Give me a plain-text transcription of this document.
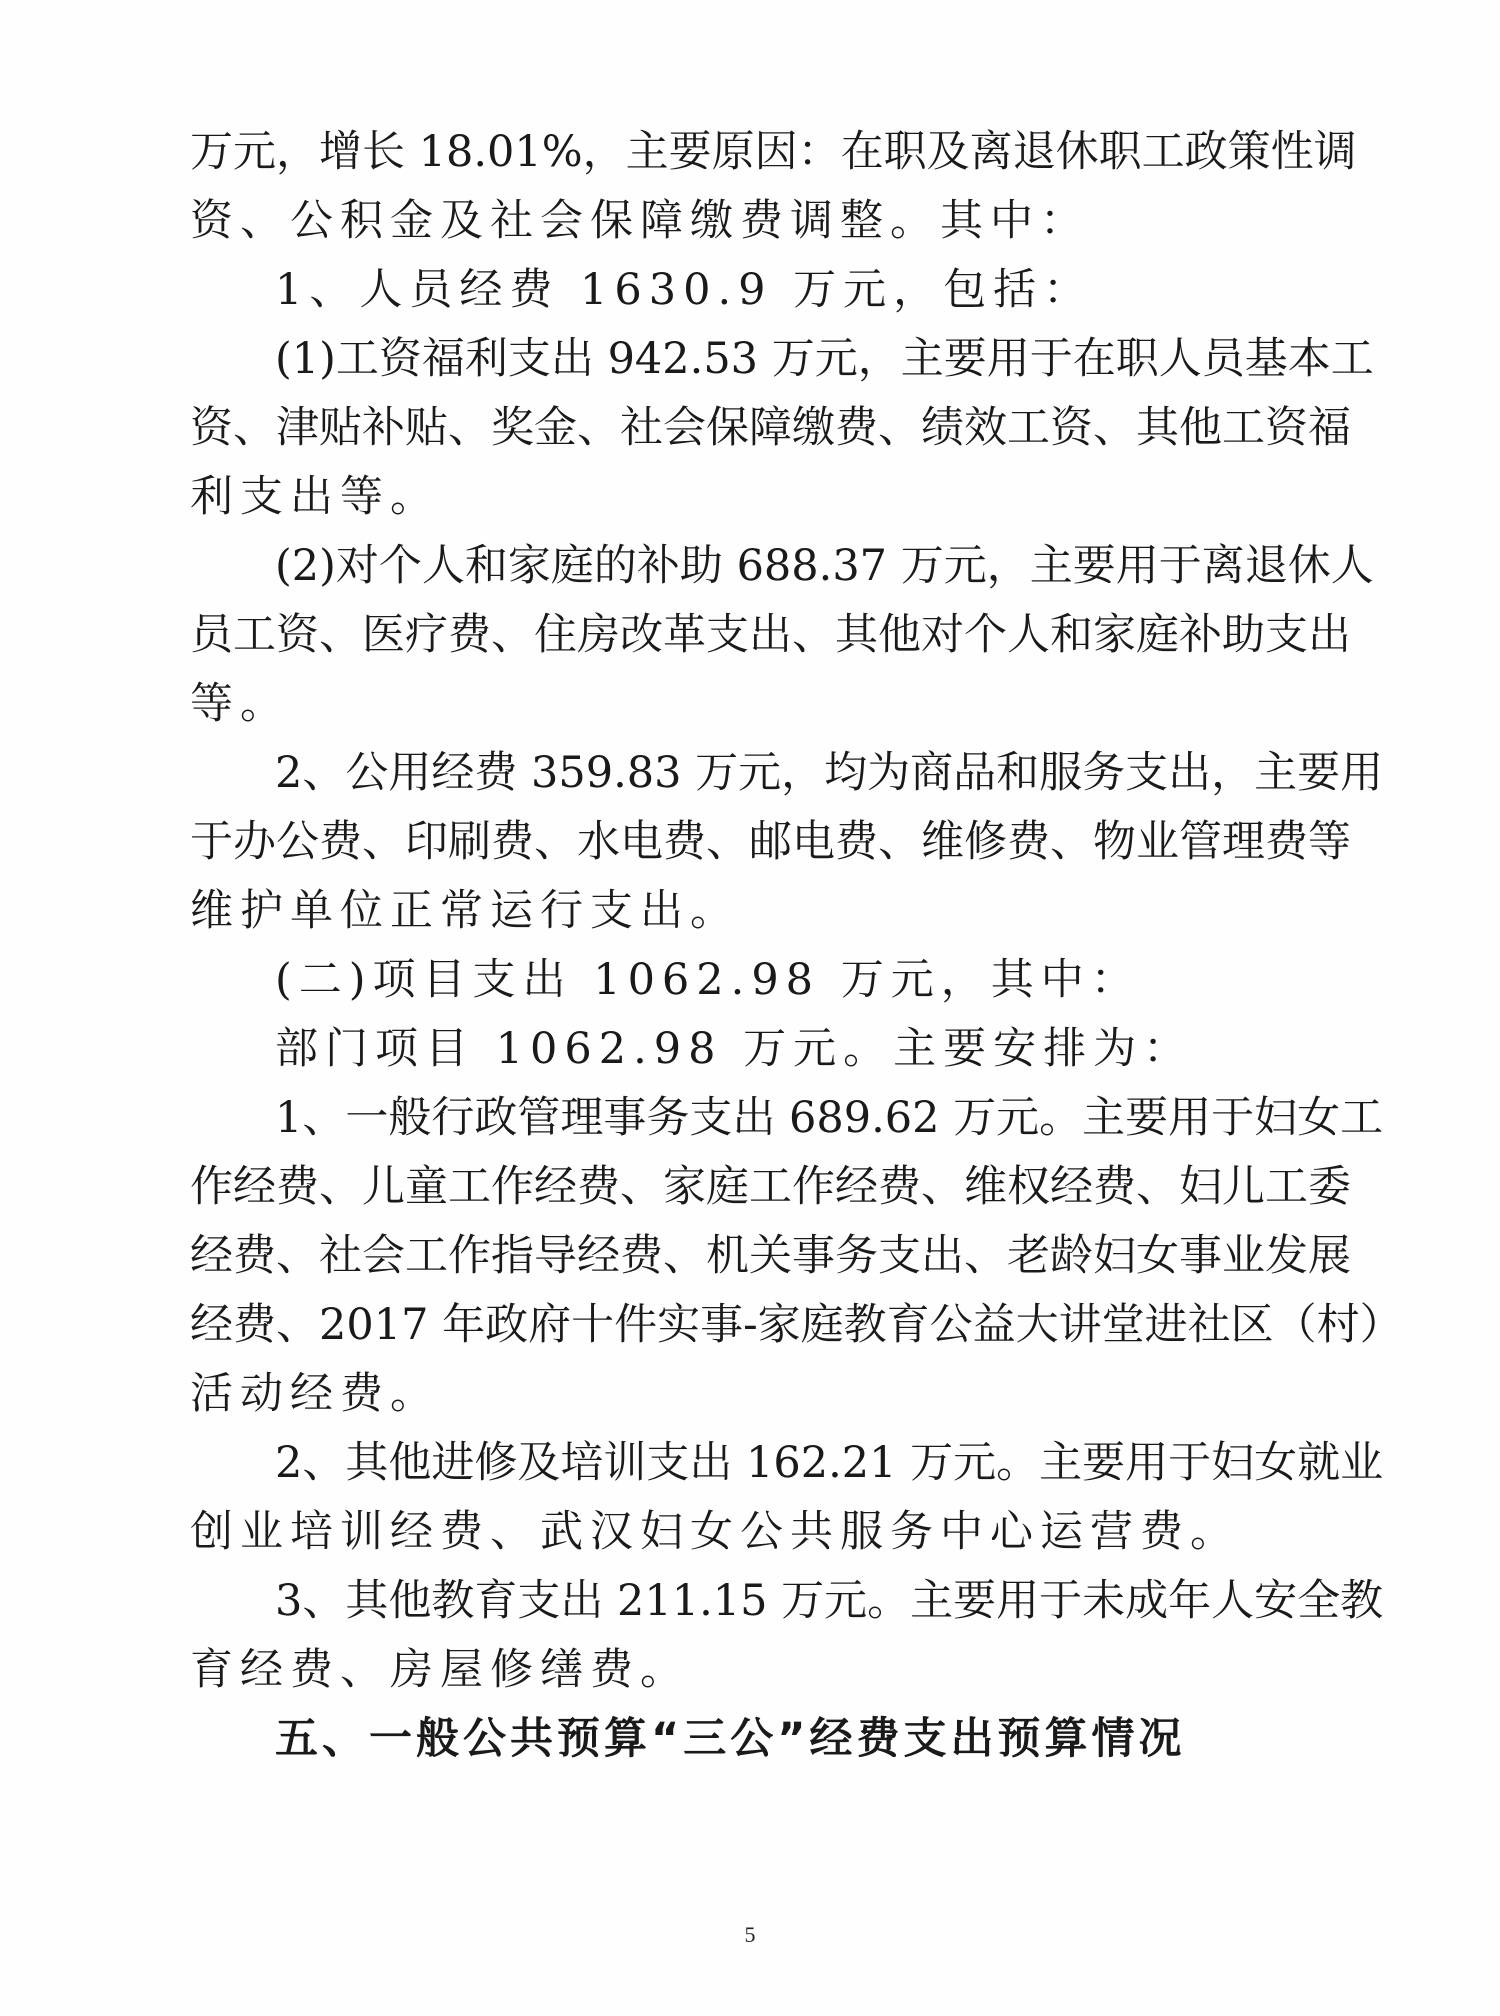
万元，增长 18.01%，主要原因：在职及离退休职工政策性调
资、公积金及社会保障缴费调整。其中：
1、人员经费 1630.9 万元，包括：
(1)工资福利支出 942.53 万元，主要用于在职人员基本工
资、津贴补贴、奖金、社会保障缴费、绩效工资、其他工资福
利支出等。
(2)对个人和家庭的补助 688.37 万元，主要用于离退休人
员工资、医疗费、住房改革支出、其他对个人和家庭补助支出
等。
2、公用经费 359.83 万元，均为商品和服务支出，主要用
于办公费、印刷费、水电费、邮电费、维修费、物业管理费等
维护单位正常运行支出。
(二)项目支出 1062.98 万元，其中：
部门项目 1062.98 万元。主要安排为：
1、一般行政管理事务支出 689.62 万元。主要用于妇女工
作经费、儿童工作经费、家庭工作经费、维权经费、妇儿工委
经费、社会工作指导经费、机关事务支出、老龄妇女事业发展
经费、2017 年政府十件实事-家庭教育公益大讲堂进社区（村）
活动经费。
2、其他进修及培训支出 162.21 万元。主要用于妇女就业
创业培训经费、武汉妇女公共服务中心运营费。
3、其他教育支出 211.15 万元。主要用于未成年人安全教
育经费、房屋修缮费。
五、一般公共预算“三公”经费支出预算情况
5
